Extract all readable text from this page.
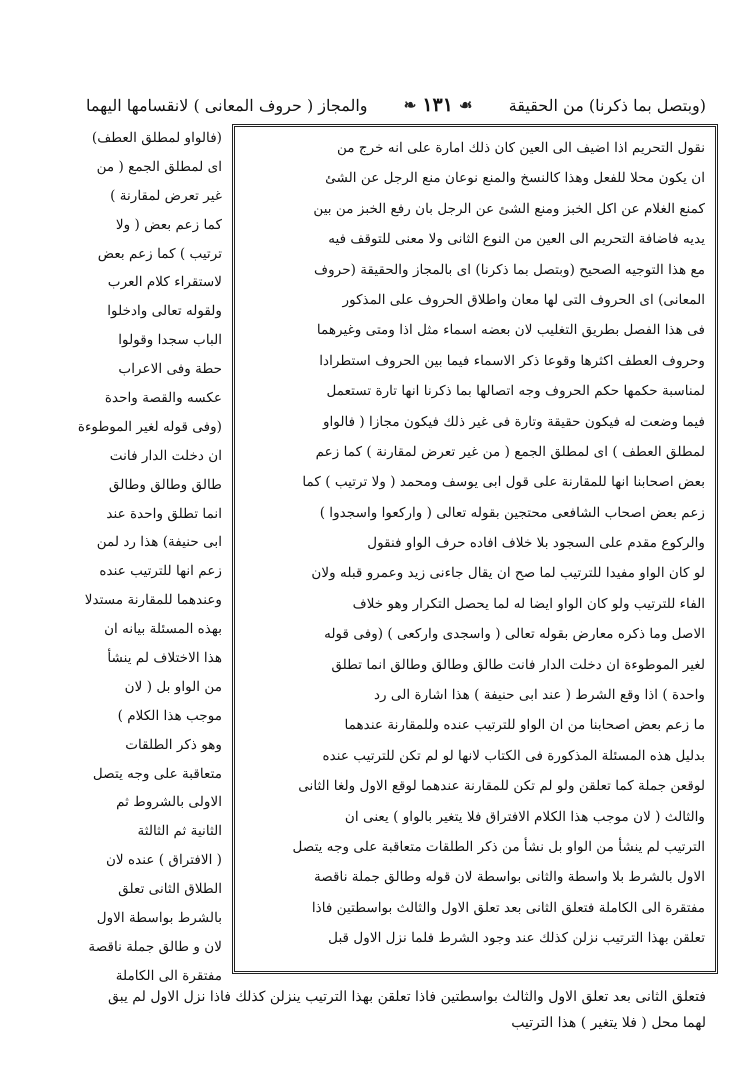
والمجاز ( حروف المعانى ) لانقسامها اليهما ❧ ١٣١ ☙ (وبتصل بما ذكرنا) من الحقيقة
نقول التحريم اذا اضيف الى العين كان ذلك امارة على انه خرج من
ان يكون محلا للفعل وهذا كالنسخ والمنع نوعان منع الرجل عن الشئ
كمنع الغلام عن اكل الخبز ومنع الشئ عن الرجل بان رفع الخبز من بين
يديه فاضافة التحريم الى العين من النوع الثانى ولا معنى للتوقف فيه
مع هذا التوجيه الصحيح (وبتصل بما ذكرنا) اى بالمجاز والحقيقة (حروف
المعانى) اى الحروف التى لها معان واطلاق الحروف على المذكور
فى هذا الفصل بطريق التغليب لان بعضه اسماء مثل اذا ومتى وغيرهما
وحروف العطف اكثرها وقوعا ذكر الاسماء فيما بين الحروف استطرادا
لمناسبة حكمها حكم الحروف وجه اتصالها بما ذكرنا انها تارة تستعمل
فيما وضعت له فيكون حقيقة وتارة فى غير ذلك فيكون مجازا ( فالواو
لمطلق العطف ) اى لمطلق الجمع ( من غير تعرض لمقارنة ) كما زعم
بعض اصحابنا انها للمقارنة على قول ابى يوسف ومحمد ( ولا ترتيب ) كما
زعم بعض اصحاب الشافعى محتجين بقوله تعالى ( واركعوا واسجدوا )
والركوع مقدم على السجود بلا خلاف افاده حرف الواو فنقول
لو كان الواو مفيدا للترتيب لما صح ان يقال جاءنى زيد وعمرو قبله ولان
الفاء للترتيب ولو كان الواو ايضا له لما يحصل التكرار وهو خلاف
الاصل وما ذكره معارض بقوله تعالى ( واسجدى واركعى ) (وفى قوله
لغير الموطوءة ان دخلت الدار فانت طالق وطالق وطالق انما تطلق
واحدة ) اذا وقع الشرط ( عند ابى حنيفة ) هذا اشارة الى رد
ما زعم بعض اصحابنا من ان الواو للترتيب عنده وللمقارنة عندهما
بدليل هذه المسئلة المذكورة فى الكتاب لانها لو لم تكن للترتيب عنده
لوقعن جملة كما تعلقن ولو لم تكن للمقارنة عندهما لوقع الاول ولغا الثانى
والثالث ( لان موجب هذا الكلام الافتراق فلا يتغير بالواو ) يعنى ان
الترتيب لم ينشأ من الواو بل نشأ من ذكر الطلقات متعاقبة على وجه يتصل
الاول بالشرط بلا واسطة والثانى بواسطة لان قوله وطالق جملة ناقصة
مفتقرة الى الكاملة فتعلق الثانى بعد تعلق الاول والثالث بواسطتين فاذا
تعلقن بهذا الترتيب نزلن كذلك عند وجود الشرط فلما نزل الاول قبل
(فالواو لمطلق العطف)
اى لمطلق الجمع ( من
غير تعرض لمقارنة )
كما زعم بعض ( ولا
ترتيب ) كما زعم بعض
لاستقراء كلام العرب
ولقوله تعالى وادخلوا
الباب سجدا وقولوا
حطة وفى الاعراب
عكسه والقصة واحدة
(وفى قوله لغير الموطوءة
ان دخلت الدار فانت
طالق وطالق وطالق
انما تطلق واحدة عند
ابى حنيفة) هذا رد لمن
زعم انها للترتيب عنده
وعندهما للمقارنة مستدلا
بهذه المسئلة بيانه ان
هذا الاختلاف لم ينشأ
من الواو بل ( لان
موجب هذا الكلام )
وهو ذكر الطلقات
متعاقبة على وجه يتصل
الاولى بالشروط ثم
الثانية ثم الثالثة
( الافتراق ) عنده لان
الطلاق الثانى تعلق
بالشرط بواسطة الاول
لان و طالق جملة ناقصة
مفتقرة الى الكاملة
فتعلق الثانى بعد تعلق الاول والثالث بواسطتين فاذا تعلقن بهذا الترتيب ينزلن كذلك فاذا نزل الاول لم يبق
لهما محل ( فلا يتغير ) هذا الترتيب
